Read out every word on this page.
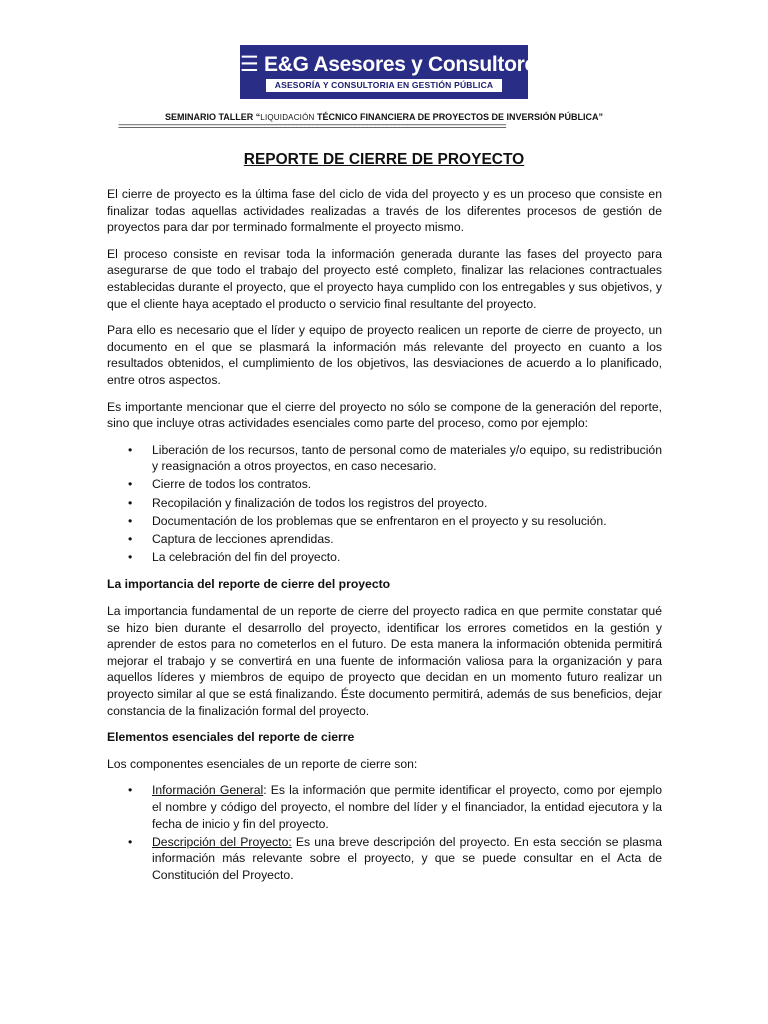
☰ E&G Asesores y Consultores EIRL ☰
ASESORÍA Y CONSULTORIA EN GESTIÓN PÚBLICA
SEMINARIO TALLER “LIQUIDACIÓN TÉCNICO FINANCIERA DE PROYECTOS DE INVERSIÓN PÚBLICA”
==================================================================================================
REPORTE DE CIERRE DE PROYECTO

El cierre de proyecto es la última fase del ciclo de vida del proyecto y es un proceso que consiste en finalizar todas aquellas actividades realizadas a través de los diferentes procesos de gestión de proyectos para dar por terminado formalmente el proyecto mismo.

El proceso consiste en revisar toda la información generada durante las fases del proyecto para asegurarse de que todo el trabajo del proyecto esté completo, finalizar las relaciones contractuales establecidas durante el proyecto, que el proyecto haya cumplido con los entregables y sus objetivos, y que el cliente haya aceptado el producto o servicio final resultante del proyecto.

Para ello es necesario que el líder y equipo de proyecto realicen un reporte de cierre de proyecto, un documento en el que se plasmará la información más relevante del proyecto en cuanto a los resultados obtenidos, el cumplimiento de los objetivos, las desviaciones de acuerdo a lo planificado, entre otros aspectos.

Es importante mencionar que el cierre del proyecto no sólo se compone de la generación del reporte, sino que incluye otras actividades esenciales como parte del proceso, como por ejemplo:

• Liberación de los recursos, tanto de personal como de materiales y/o equipo, su redistribución y reasignación a otros proyectos, en caso necesario.
• Cierre de todos los contratos.
• Recopilación y finalización de todos los registros del proyecto.
• Documentación de los problemas que se enfrentaron en el proyecto y su resolución.
• Captura de lecciones aprendidas.
• La celebración del fin del proyecto.
La importancia del reporte de cierre del proyecto

La importancia fundamental de un reporte de cierre del proyecto radica en que permite constatar qué se hizo bien durante el desarrollo del proyecto, identificar los errores cometidos en la gestión y aprender de estos para no cometerlos en el futuro. De esta manera la información obtenida permitirá mejorar el trabajo y se convertirá en una fuente de información valiosa para la organización y para aquellos líderes y miembros de equipo de proyecto que decidan en un momento futuro realizar un proyecto similar al que se está finalizando. Éste documento permitirá, además de sus beneficios, dejar constancia de la finalización formal del proyecto.

Elementos esenciales del reporte de cierre

Los componentes esenciales de un reporte de cierre son:

• Información General: Es la información que permite identificar el proyecto, como por ejemplo el nombre y código del proyecto, el nombre del líder y el financiador, la entidad ejecutora y la fecha de inicio y fin del proyecto.
• Descripción del Proyecto: Es una breve descripción del proyecto. En esta sección se plasma información más relevante sobre el proyecto, y que se puede consultar en el Acta de Constitución del Proyecto.
